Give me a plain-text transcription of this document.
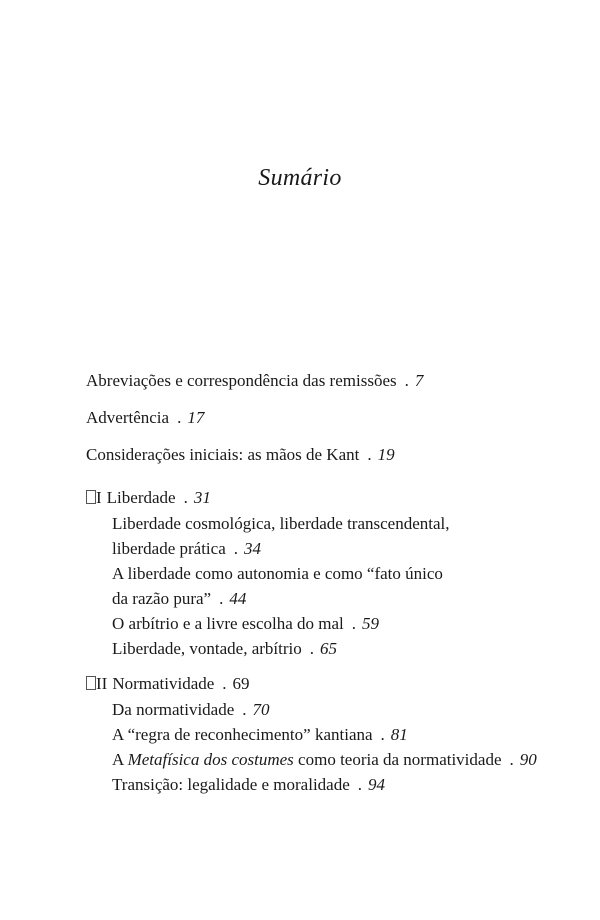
Sumário
Abreviações e correspondência das remissões . 7
Advertência . 17
Considerações iniciais: as mãos de Kant . 19
I Liberdade . 31
Liberdade cosmológica, liberdade transcendental,
liberdade prática . 34
A liberdade como autonomia e como “fato único
da razão pura” . 44
O arbítrio e a livre escolha do mal . 59
Liberdade, vontade, arbítrio . 65
II Normatividade . 69
Da normatividade . 70
A “regra de reconhecimento” kantiana . 81
A Metafísica dos costumes como teoria da normatividade . 90
Transição: legalidade e moralidade . 94
